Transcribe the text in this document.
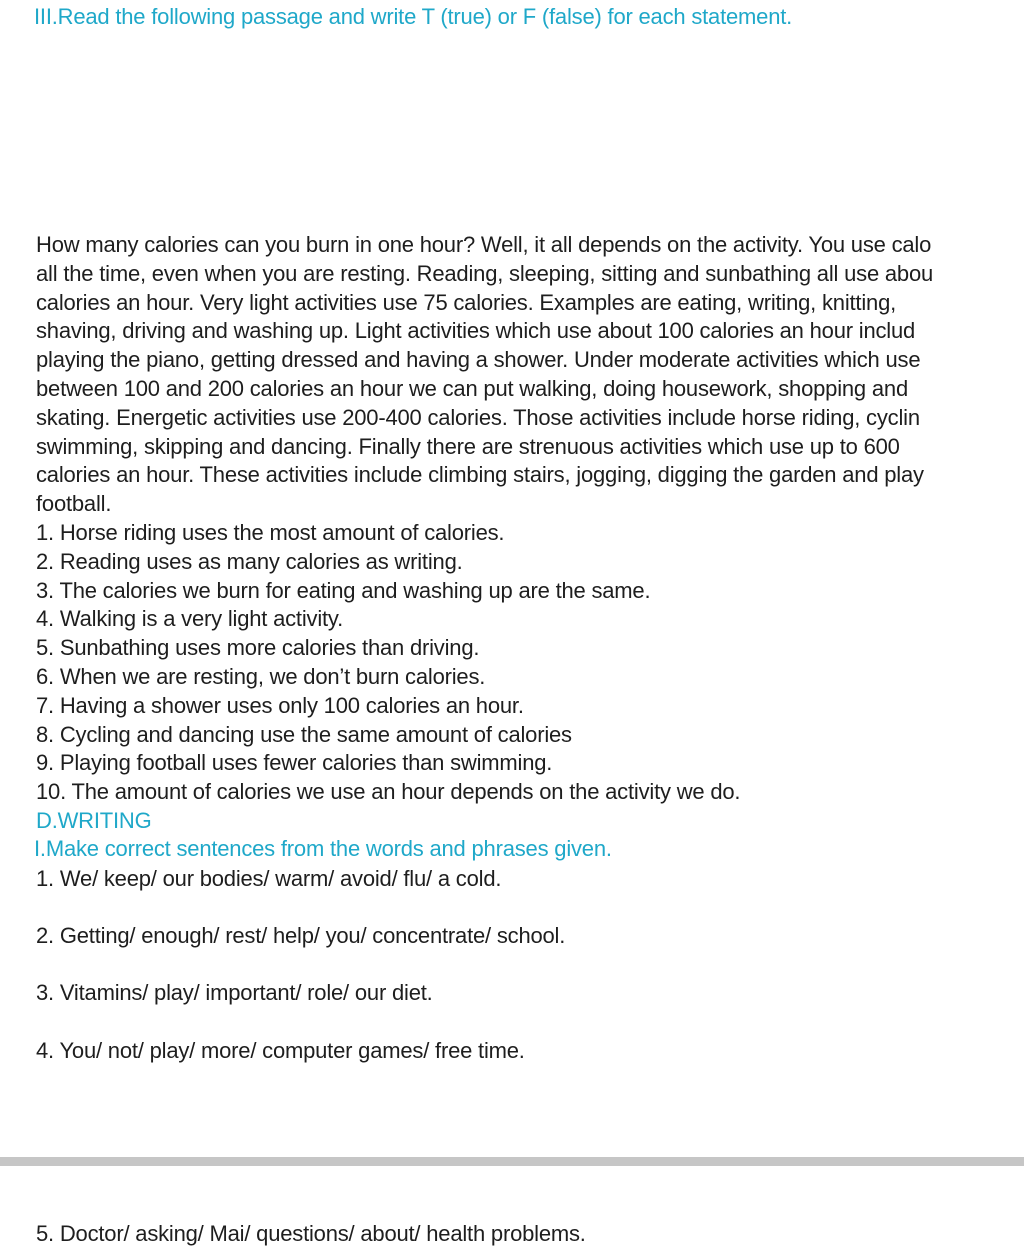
III.Read the following passage and write T (true) or F (false) for each statement.
How many calories can you burn in one hour? Well, it all depends on the activity. You use calo
all the time, even when you are resting. Reading, sleeping, sitting and sunbathing all use abou
calories an hour. Very light activities use 75 calories. Examples are eating, writing, knitting,
shaving, driving and washing up. Light activities which use about 100 calories an hour includ
playing the piano, getting dressed and having a shower. Under moderate activities which use
between 100 and 200 calories an hour we can put walking, doing housework, shopping and
skating. Energetic activities use 200-400 calories. Those activities include horse riding, cyclin
swimming, skipping and dancing. Finally there are strenuous activities which use up to 600
calories an hour. These activities include climbing stairs, jogging, digging the garden and play
football.

1. Horse riding uses the most amount of calories.

2. Reading uses as many calories as writing.

3. The calories we burn for eating and washing up are the same.

4. Walking is a very light activity.

5. Sunbathing uses more calories than driving.

6. When we are resting, we don’t burn calories.

7. Having a shower uses only 100 calories an hour.

8. Cycling and dancing use the same amount of calories

9. Playing football uses fewer calories than swimming.

10. The amount of calories we use an hour depends on the activity we do.

D.WRITING
I.Make correct sentences from the words and phrases given.

1. We/ keep/ our bodies/ warm/ avoid/ flu/ a cold.

2. Getting/ enough/ rest/ help/ you/ concentrate/ school.

3. Vitamins/ play/ important/ role/ our diet.

4. You/ not/ play/ more/ computer games/ free time.

5. Doctor/ asking/ Mai/ questions/ about/ health problems.
